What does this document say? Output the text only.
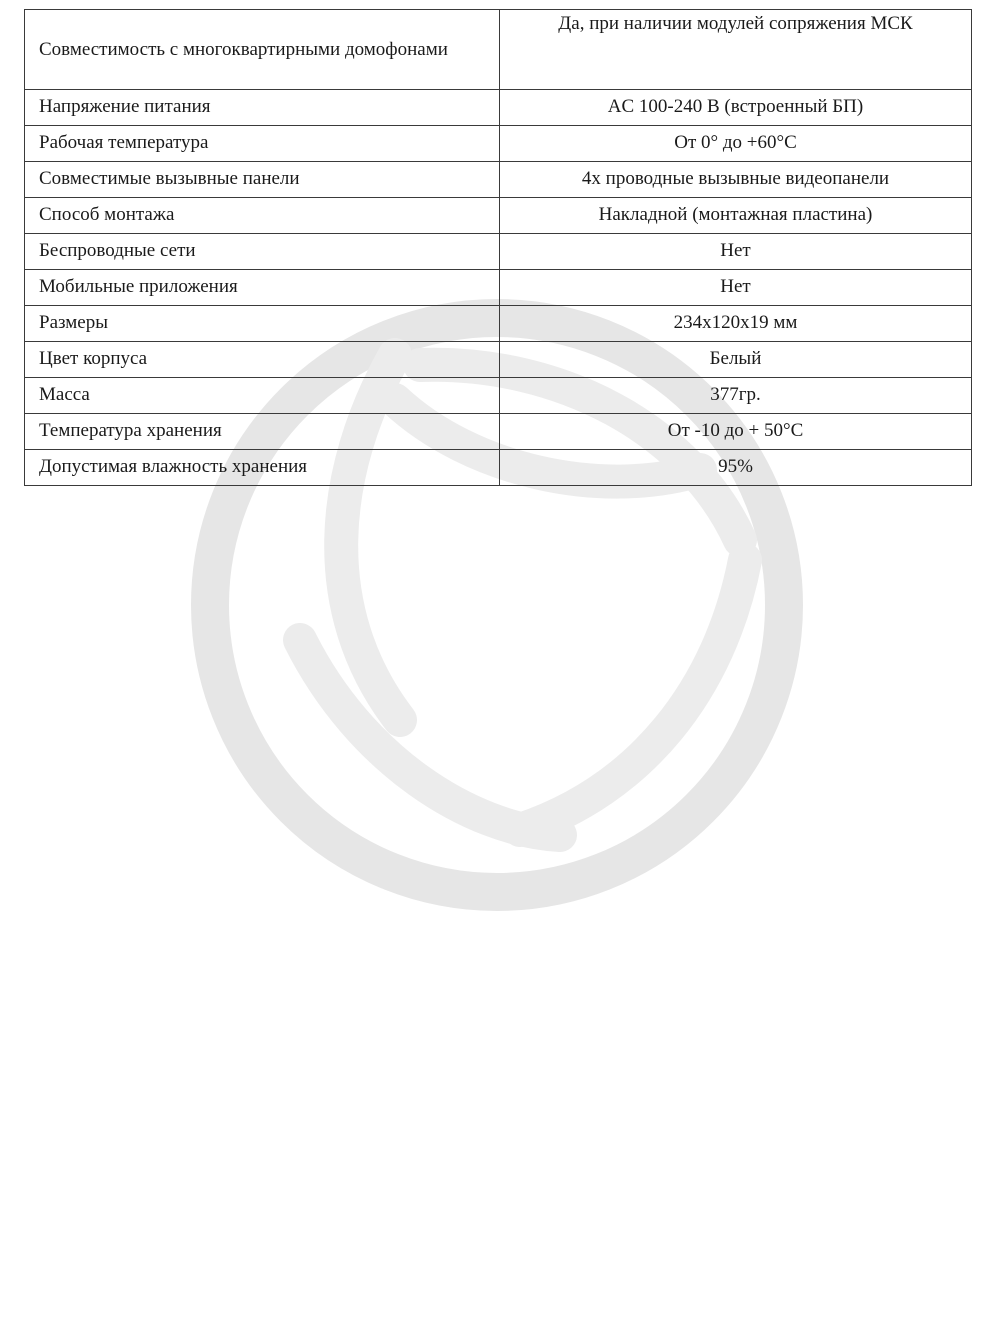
Совместимость с многоквартирными домофонами	Да, при наличии модулей сопряжения МСК
Напряжение питания	AC 100-240 В (встроенный БП)
Рабочая температура	От 0° до +60°C
Совместимые вызывные панели	4х проводные вызывные видеопанели
Способ монтажа	Накладной (монтажная пластина)
Беспроводные сети	Нет
Мобильные приложения	Нет
Размеры	234х120х19 мм
Цвет корпуса	Белый
Масса	377гр.
Температура хранения	От -10 до + 50°C
Допустимая влажность хранения	95%
